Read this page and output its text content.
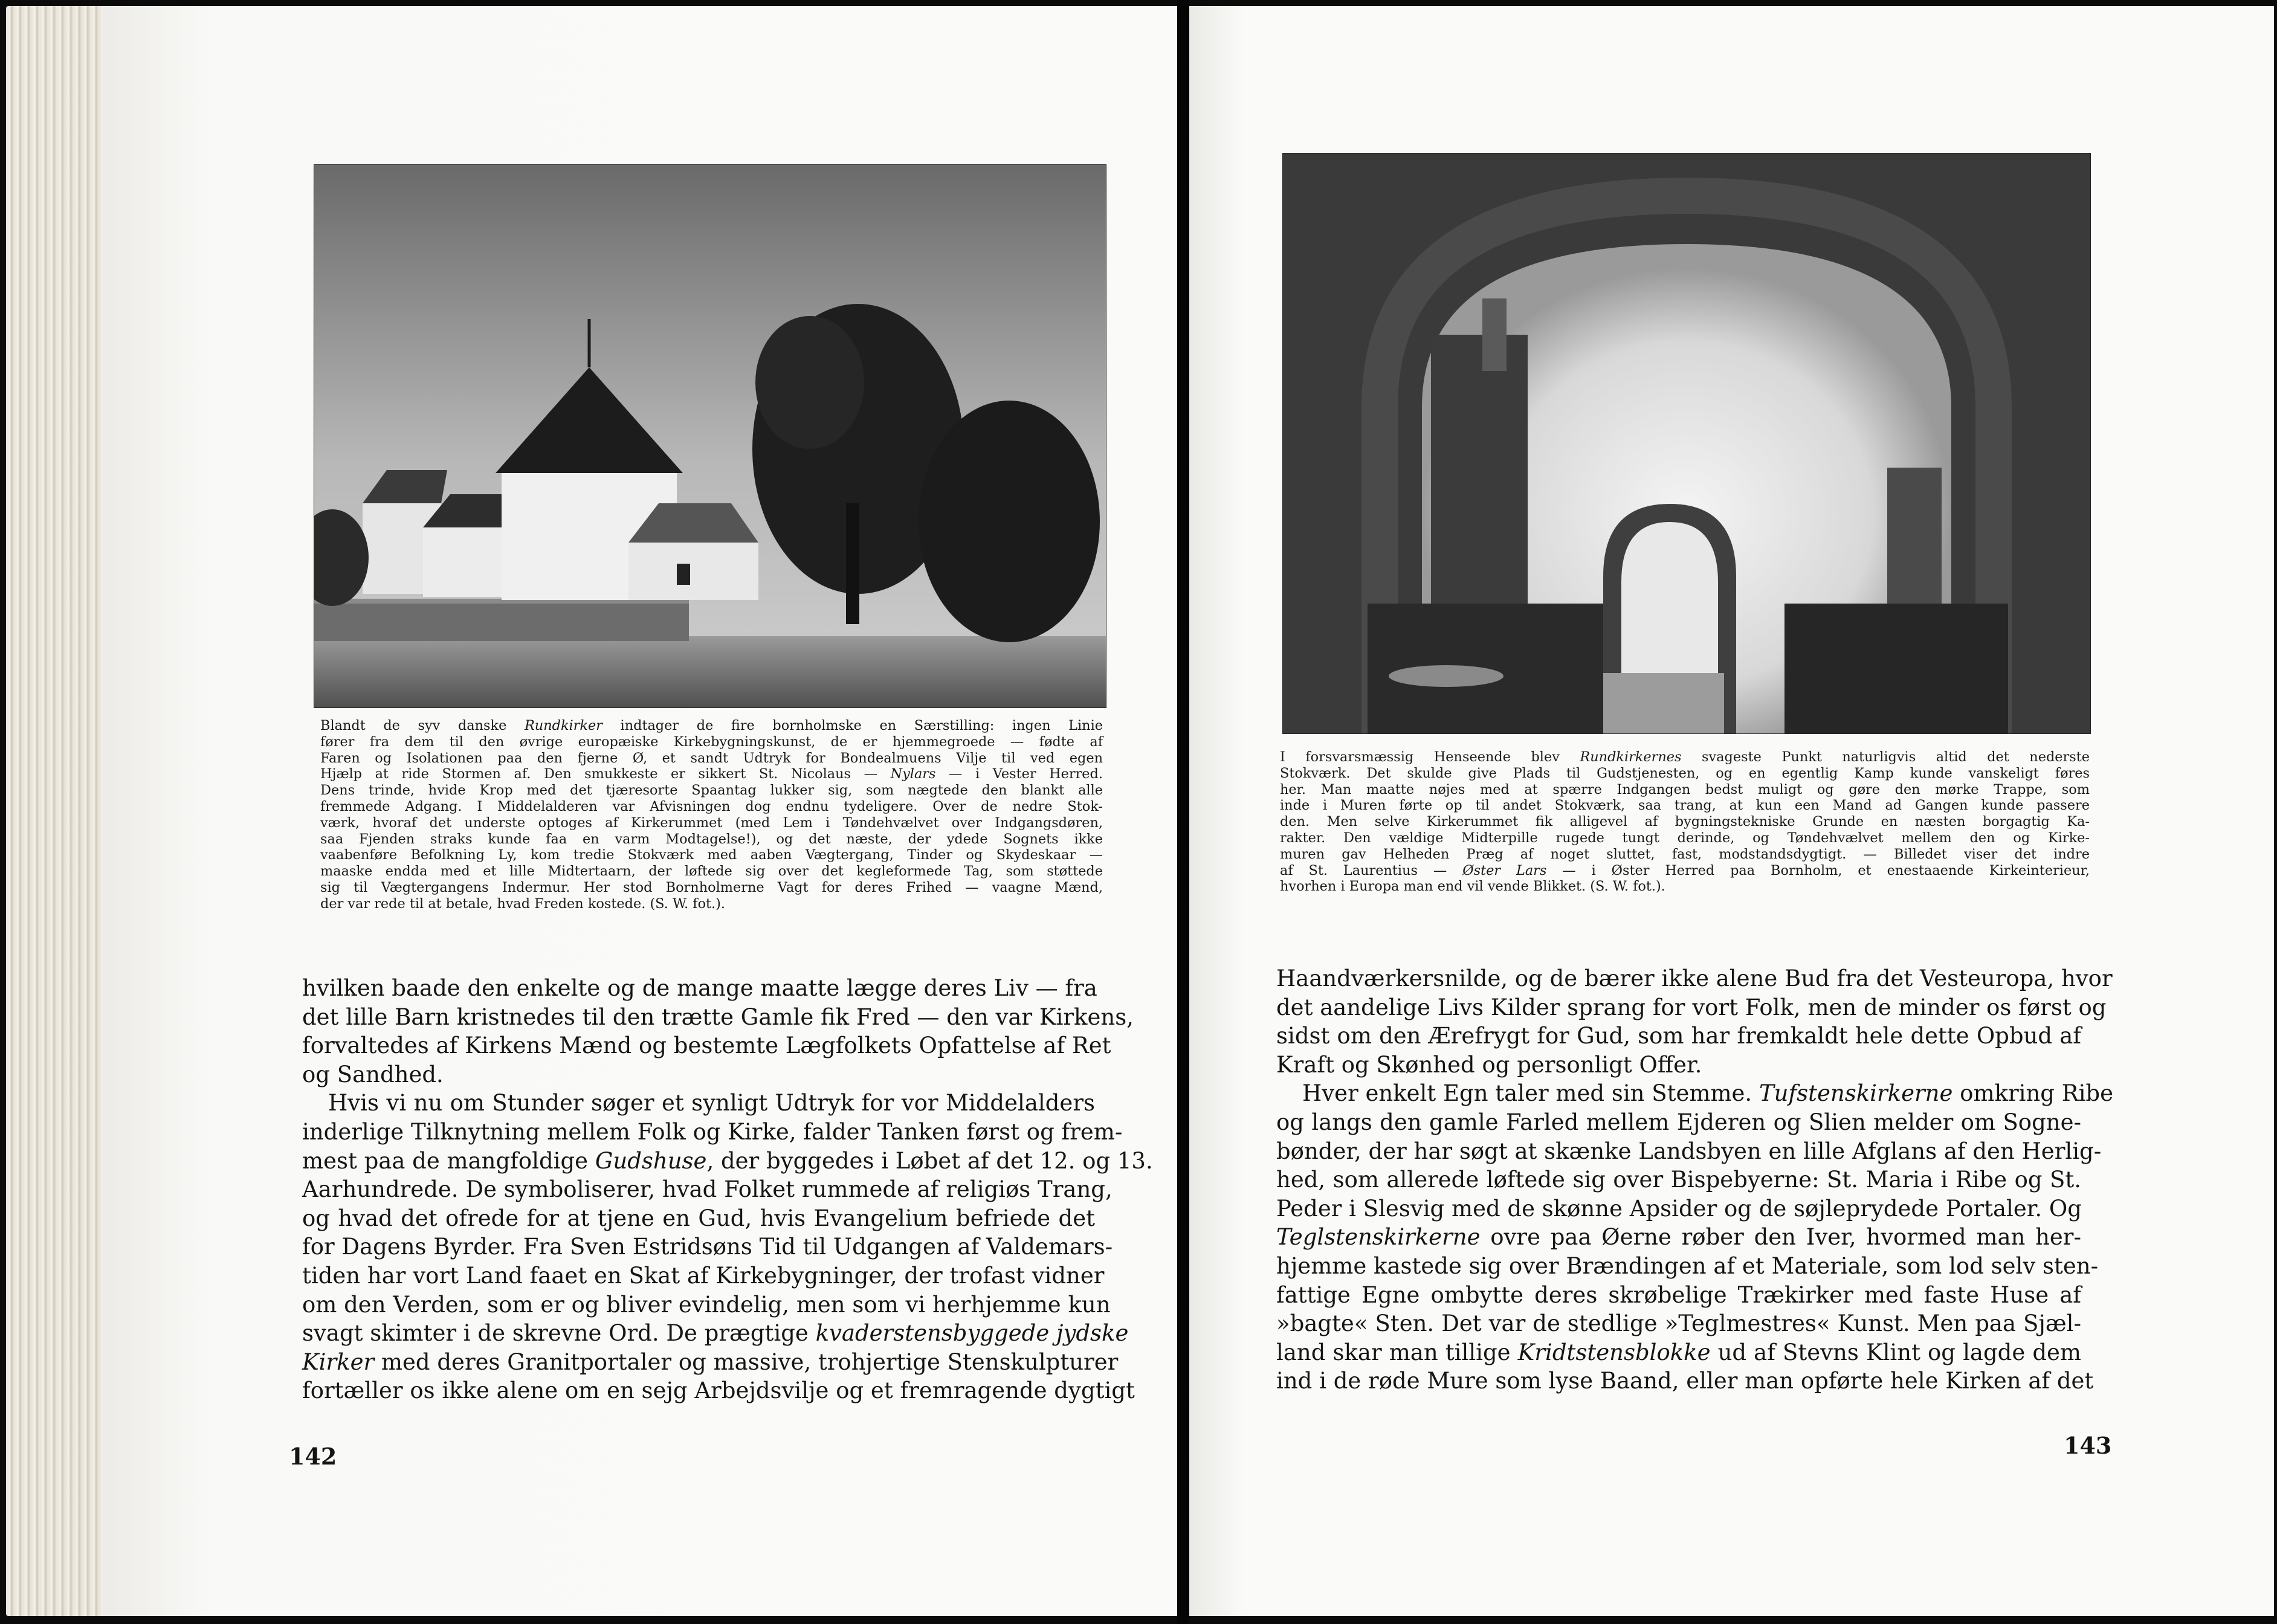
Blandt de syv danske Rundkirker indtager de fire bornholmske en Særstilling: ingen Linie
fører fra dem til den øvrige europæiske Kirkebygningskunst, de er hjemmegroede — fødte af
Faren og Isolationen paa den fjerne Ø, et sandt Udtryk for Bondealmuens Vilje til ved egen
Hjælp at ride Stormen af. Den smukkeste er sikkert St. Nicolaus — Nylars — i Vester Herred.
Dens trinde, hvide Krop med det tjæresorte Spaantag lukker sig, som nægtede den blankt alle
fremmede Adgang. I Middelalderen var Afvisningen dog endnu tydeligere. Over de nedre Stok-
værk, hvoraf det underste optoges af Kirkerummet (med Lem i Tøndehvælvet over Indgangsdøren,
saa Fjenden straks kunde faa en varm Modtagelse!), og det næste, der ydede Sognets ikke
vaabenføre Befolkning Ly, kom tredie Stokværk med aaben Vægtergang, Tinder og Skydeskaar —
maaske endda med et lille Midtertaarn, der løftede sig over det kegleformede Tag, som støttede
sig til Vægtergangens Indermur. Her stod Bornholmerne Vagt for deres Frihed — vaagne Mænd,
der var rede til at betale, hvad Freden kostede. (S. W. fot.).
hvilken baade den enkelte og de mange maatte lægge deres Liv — fra
det lille Barn kristnedes til den trætte Gamle fik Fred — den var Kirkens,
forvaltedes af Kirkens Mænd og bestemte Lægfolkets Opfattelse af Ret
og Sandhed.
Hvis vi nu om Stunder søger et synligt Udtryk for vor Middelalders
inderlige Tilknytning mellem Folk og Kirke, falder Tanken først og frem-
mest paa de mangfoldige Gudshuse, der byggedes i Løbet af det 12. og 13.
Aarhundrede. De symboliserer, hvad Folket rummede af religiøs Trang,
og hvad det ofrede for at tjene en Gud, hvis Evangelium befriede det
for Dagens Byrder. Fra Sven Estridsøns Tid til Udgangen af Valdemars-
tiden har vort Land faaet en Skat af Kirkebygninger, der trofast vidner
om den Verden, som er og bliver evindelig, men som vi herhjemme kun
svagt skimter i de skrevne Ord. De prægtige kvaderstensbyggede jydske
Kirker med deres Granitportaler og massive, trohjertige Stenskulpturer
fortæller os ikke alene om en sejg Arbejdsvilje og et fremragende dygtigt

142

I forsvarsmæssig Henseende blev Rundkirkernes svageste Punkt naturligvis altid det nederste
Stokværk. Det skulde give Plads til Gudstjenesten, og en egentlig Kamp kunde vanskeligt føres
her. Man maatte nøjes med at spærre Indgangen bedst muligt og gøre den mørke Trappe, som
inde i Muren førte op til andet Stokværk, saa trang, at kun een Mand ad Gangen kunde passere
den. Men selve Kirkerummet fik alligevel af bygningstekniske Grunde en næsten borgagtig Ka-
rakter. Den vældige Midterpille rugede tungt derinde, og Tøndehvælvet mellem den og Kirke-
muren gav Helheden Præg af noget sluttet, fast, modstandsdygtigt. — Billedet viser det indre
af St. Laurentius — Øster Lars — i Øster Herred paa Bornholm, et enestaaende Kirkeinterieur,
hvorhen i Europa man end vil vende Blikket. (S. W. fot.).
Haandværkersnilde, og de bærer ikke alene Bud fra det Vesteuropa, hvor
det aandelige Livs Kilder sprang for vort Folk, men de minder os først og
sidst om den Ærefrygt for Gud, som har fremkaldt hele dette Opbud af
Kraft og Skønhed og personligt Offer.
Hver enkelt Egn taler med sin Stemme. Tufstenskirkerne omkring Ribe
og langs den gamle Farled mellem Ejderen og Slien melder om Sogne-
bønder, der har søgt at skænke Landsbyen en lille Afglans af den Herlig-
hed, som allerede løftede sig over Bispebyerne: St. Maria i Ribe og St.
Peder i Slesvig med de skønne Apsider og de søjleprydede Portaler. Og
Teglstenskirkerne ovre paa Øerne røber den Iver, hvormed man her-
hjemme kastede sig over Brændingen af et Materiale, som lod selv sten-
fattige Egne ombytte deres skrøbelige Trækirker med faste Huse af
»bagte« Sten. Det var de stedlige »Teglmestres« Kunst. Men paa Sjæl-
land skar man tillige Kridtstensblokke ud af Stevns Klint og lagde dem
ind i de røde Mure som lyse Baand, eller man opførte hele Kirken af det

143
